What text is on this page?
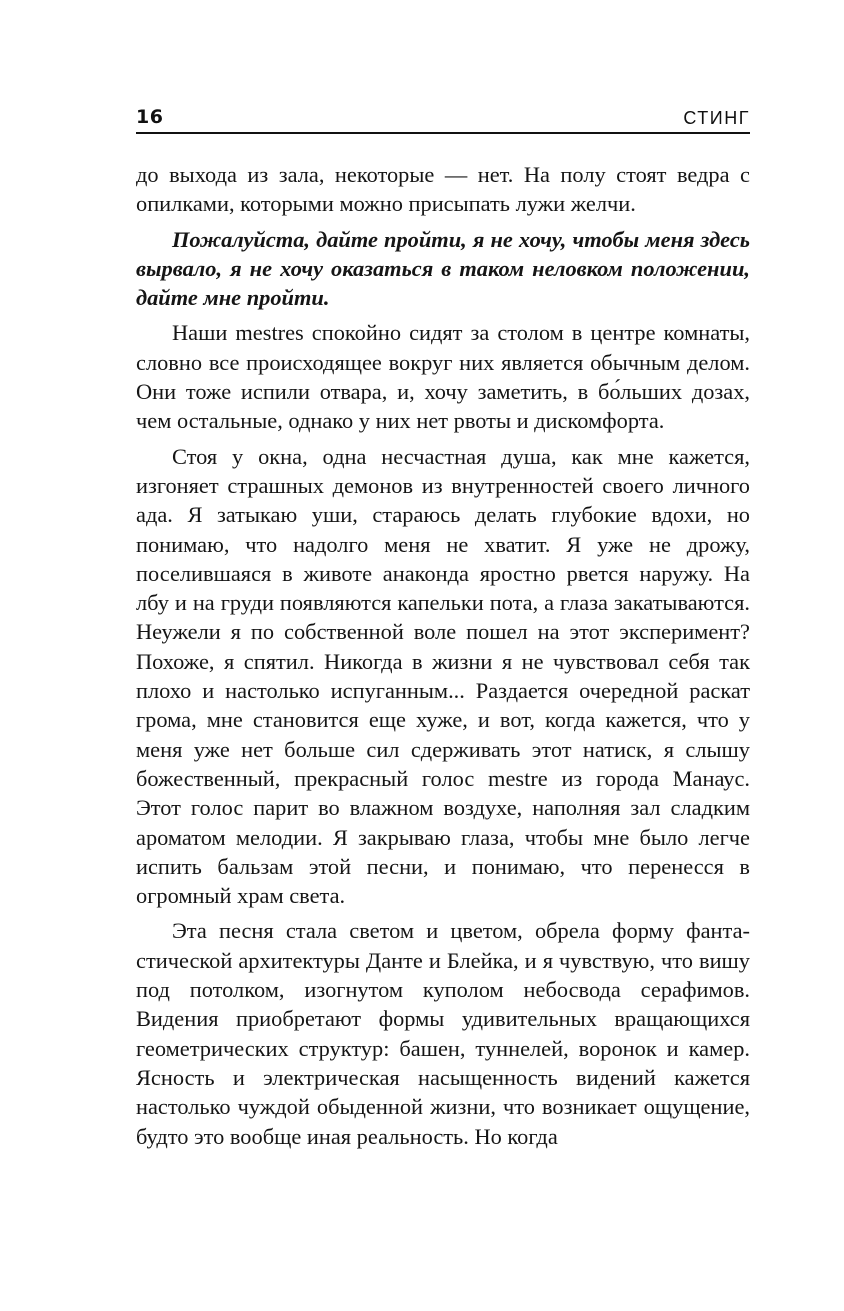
16	СТИНГ

до выхода из зала, некоторые — нет. На полу стоят ведра с опилками, которыми можно присыпать лужи желчи.

Пожалуйста, дайте пройти, я не хочу, чтобы меня здесь вырвало, я не хочу оказаться в таком неловком положении, дайте мне пройти.

Наши mestres спокойно сидят за столом в центре комнаты, словно все происходящее вокруг них является обычным делом. Они тоже испили отвара, и, хочу заметить, в бо́льших дозах, чем остальные, однако у них нет рвоты и дискомфорта.

Стоя у окна, одна несчастная душа, как мне кажется, изгоняет страшных демонов из внутренностей своего личного ада. Я затыкаю уши, стараюсь делать глубокие вдохи, но понимаю, что надолго меня не хватит. Я уже не дрожу, поселившаяся в животе анаконда яростно рвется наружу. На лбу и на груди появляются капельки пота, а глаза закатываются. Неужели я по собственной воле пошел на этот эксперимент? Похоже, я спятил. Никогда в жизни я не чувствовал себя так плохо и настолько испуганным... Раздается очередной раскат грома, мне становится еще хуже, и вот, когда кажется, что у меня уже нет больше сил сдерживать этот натиск, я слышу божественный, прекрасный голос mestre из города Манаус. Этот голос парит во влажном воздухе, наполняя зал сладким ароматом мелодии. Я закрываю глаза, чтобы мне было легче испить бальзам этой песни, и понимаю, что перенесся в огромный храм света.

Эта песня стала светом и цветом, обрела форму фантастической архитектуры Данте и Блейка, и я чувствую, что вишу под потолком, изогнутом куполом небосвода серафимов. Видения приобретают формы удивительных вращающихся геометрических структур: башен, туннелей, воронок и камер. Ясность и электрическая насыщенность видений кажется настолько чуждой обыденной жизни, что возникает ощущение, будто это вообще иная реальность. Но когда
